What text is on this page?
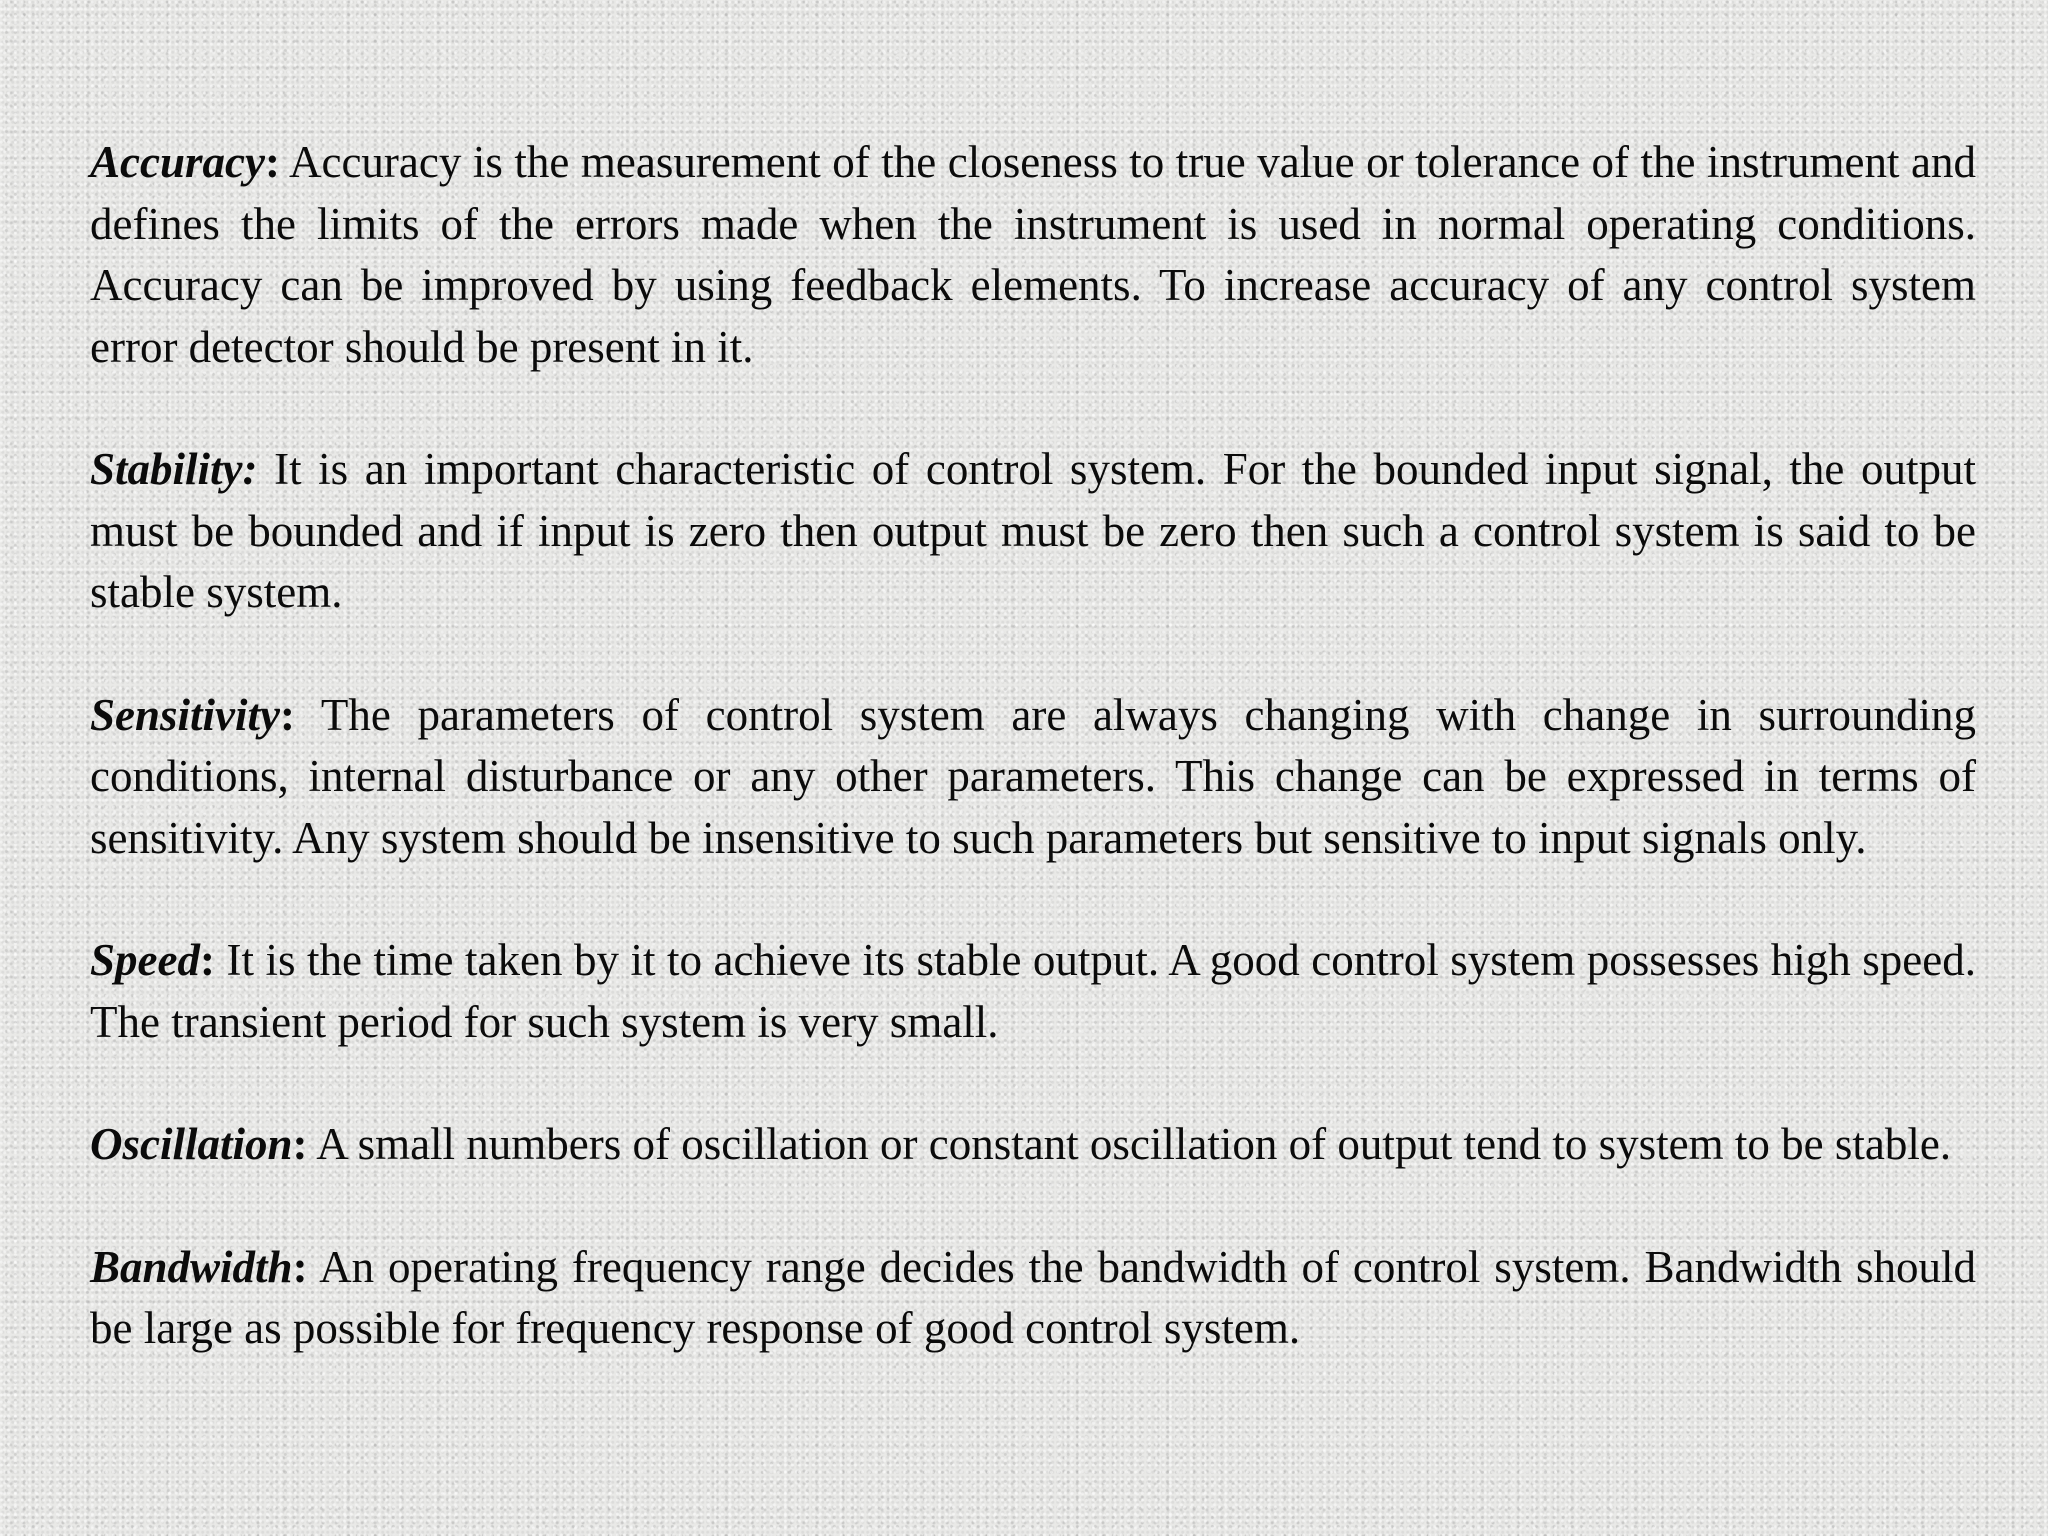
Accuracy: Accuracy is the measurement of the closeness to true value or tolerance of the instrument and defines the limits of the errors made when the instrument is used in normal operating conditions. Accuracy can be improved by using feedback elements. To increase accuracy of any control system error detector should be present in it.

Stability: It is an important characteristic of control system. For the bounded input signal, the output must be bounded and if input is zero then output must be zero then such a control system is said to be stable system.

Sensitivity: The parameters of control system are always changing with change in surrounding conditions, internal disturbance or any other parameters. This change can be expressed in terms of sensitivity. Any system should be insensitive to such parameters but sensitive to input signals only.

Speed: It is the time taken by it to achieve its stable output. A good control system possesses high speed. The transient period for such system is very small.

Oscillation: A small numbers of oscillation or constant oscillation of output tend to system to be stable.

Bandwidth: An operating frequency range decides the bandwidth of control system. Bandwidth should be large as possible for frequency response of good control system.
